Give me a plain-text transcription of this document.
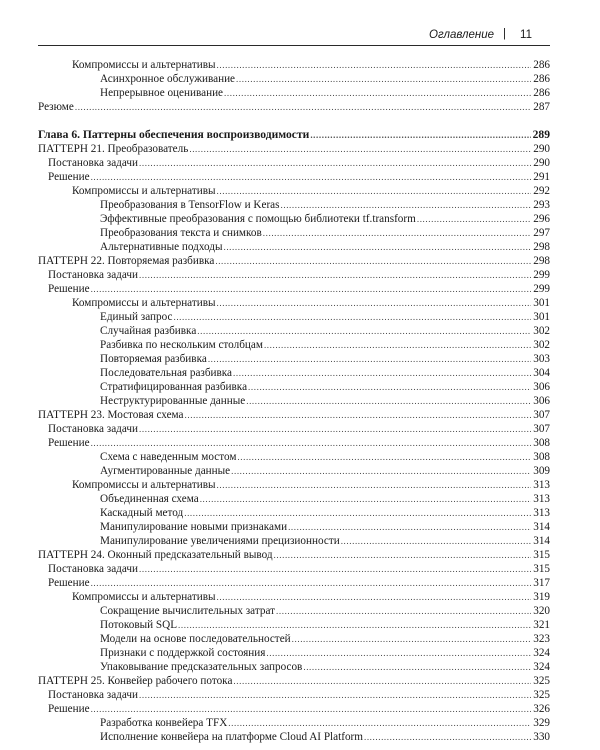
Оглавление | 11
Компромиссы и альтернативы .....	286
Асинхронное обслуживание .....	286
Непрерывное оценивание .....	286
Резюме .....	287
Глава 6. Паттерны обеспечения воспроизводимости .....	289
ПАТТЕРН 21. Преобразователь .....	290
Постановка задачи .....	290
Решение .....	291
Компромиссы и альтернативы .....	292
Преобразования в TensorFlow и Keras .....	293
Эффективные преобразования с помощью библиотеки tf.transform .....	296
Преобразования текста и снимков .....	297
Альтернативные подходы .....	298
ПАТТЕРН 22. Повторяемая разбивка .....	298
Постановка задачи .....	299
Решение .....	299
Компромиссы и альтернативы .....	301
Единый запрос .....	301
Случайная разбивка .....	302
Разбивка по нескольким столбцам .....	302
Повторяемая разбивка .....	303
Последовательная разбивка .....	304
Стратифицированная разбивка .....	306
Неструктурированные данные .....	306
ПАТТЕРН 23. Мостовая схема .....	307
Постановка задачи .....	307
Решение .....	308
Схема с наведенным мостом .....	308
Аугментированные данные .....	309
Компромиссы и альтернативы .....	313
Объединенная схема .....	313
Каскадный метод .....	313
Манипулирование новыми признаками .....	314
Манипулирование увеличениями прецизионности .....	314
ПАТТЕРН 24. Оконный предсказательный вывод .....	315
Постановка задачи .....	315
Решение .....	317
Компромиссы и альтернативы .....	319
Сокращение вычислительных затрат .....	320
Потоковый SQL .....	321
Модели на основе последовательностей .....	323
Признаки с поддержкой состояния .....	324
Упаковывание предсказательных запросов .....	324
ПАТТЕРН 25. Конвейер рабочего потока .....	325
Постановка задачи .....	325
Решение .....	326
Разработка конвейера TFX .....	329
Исполнение конвейера на платформе Cloud AI Platform .....	330
